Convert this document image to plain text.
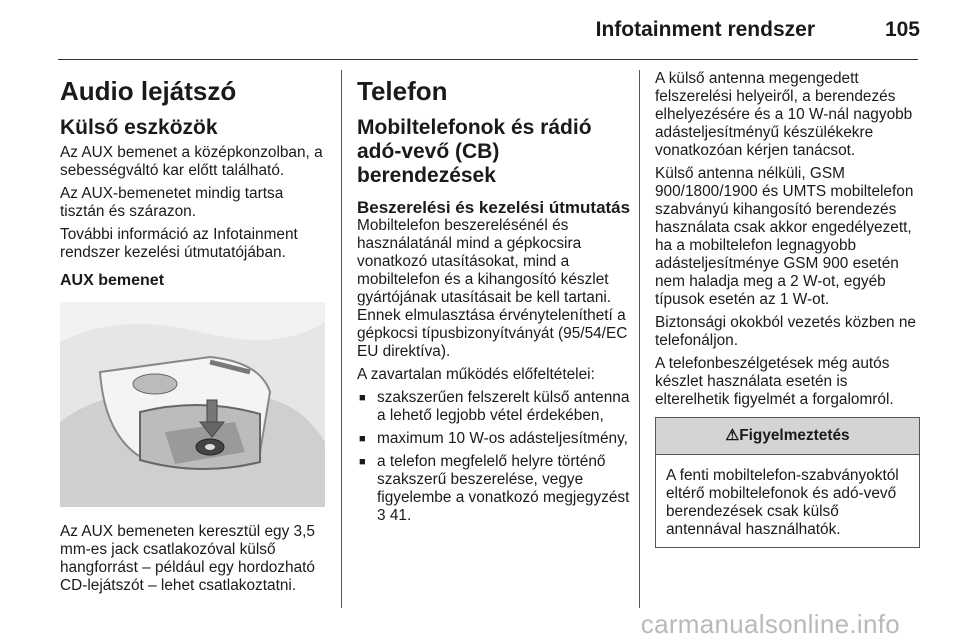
Infotainment rendszer	105
Audio lejátszó
Külső eszközök

Az AUX bemenet a középkonzolban, a sebességváltó kar előtt található.

Az AUX-bemenetet mindig tartsa tisztán és szárazon.

További információ az Infotainment rendszer kezelési útmutatójában.

AUX bemenet

Az AUX bemeneten keresztül egy 3,5 mm-es jack csatlakozóval külső hangforrást – például egy hordozható CD-lejátszót – lehet csatlakoztatni.

Telefon
Mobiltelefonok és rádió adó-vevő (CB) berendezések
Beszerelési és kezelési útmutatás

Mobiltelefon beszerelésénél és használatánál mind a gépkocsira vonatkozó utasításokat, mind a mobiltelefon és a kihangosító készlet gyártójának utasításait be kell tartani. Ennek elmulasztása érvényteleníthetí a gépkocsi típusbizonyítványát (95/54/EC EU direktíva).

A zavartalan működés előfeltételei:

■ szakszerűen felszerelt külső antenna a lehető legjobb vétel érdekében,
■ maximum 10 W-os adásteljesítmény,
■ a telefon megfelelő helyre történő szakszerű beszerelése, vegye figyelembe a vonatkozó megjegyzést 3 41.

A külső antenna megengedett felszerelési helyeiről, a berendezés elhelyezésére és a 10 W-nál nagyobb adásteljesítményű készülékekre vonatkozóan kérjen tanácsot.

Külső antenna nélküli, GSM 900/1800/1900 és UMTS mobiltelefon szabványú kihangosító berendezés használata csak akkor engedélyezett, ha a mobiltelefon legnagyobb adásteljesítménye GSM 900 esetén nem haladja meg a 2 W-ot, egyéb típusok esetén az 1 W-ot.

Biztonsági okokból vezetés közben ne telefonáljon.

A telefonbeszélgetések még autós készlet használata esetén is elterelhetik figyelmét a forgalomról.

⚠Figyelmeztetés
A fenti mobiltelefon-szabványoktól eltérő mobiltelefonok és adó-vevő berendezések csak külső antennával használhatók.
carmanualsonline.info
